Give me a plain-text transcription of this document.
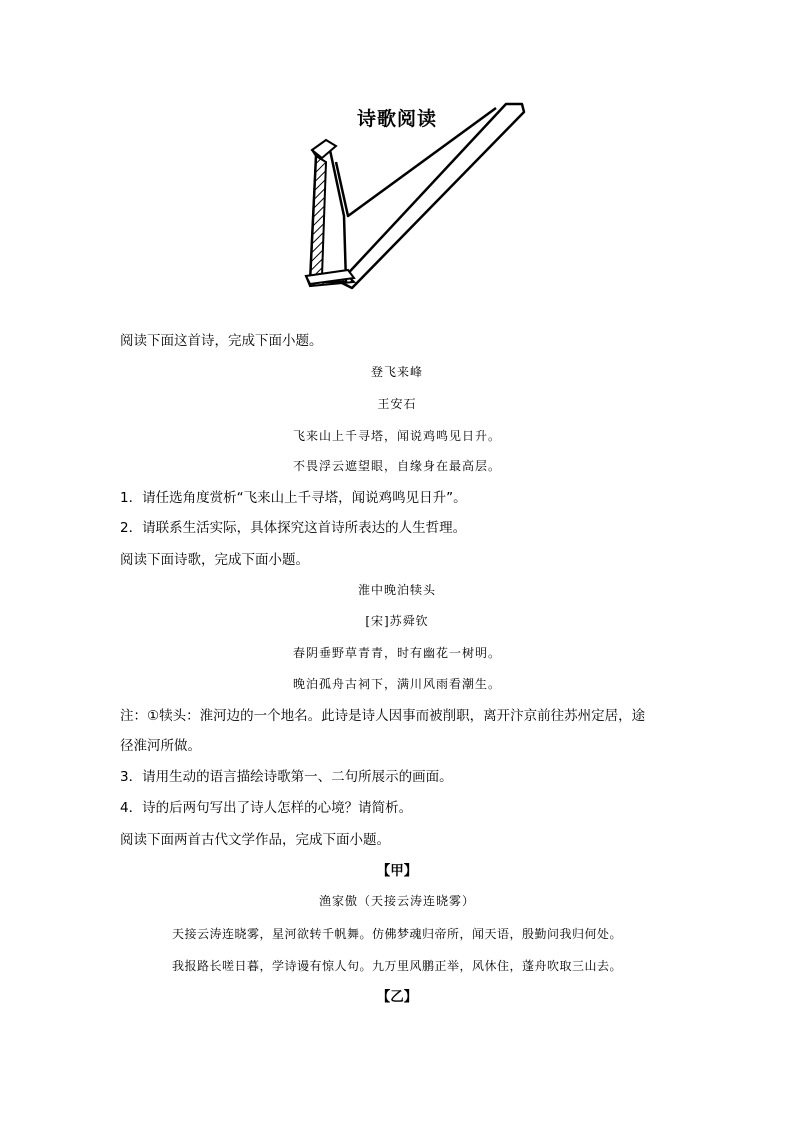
诗歌阅读
阅读下面这首诗，完成下面小题。
登飞来峰
王安石
飞来山上千寻塔，闻说鸡鸣见日升。
不畏浮云遮望眼，自缘身在最高层。
1．请任选角度赏析“飞来山上千寻塔，闻说鸡鸣见日升”。
2．请联系生活实际，具体探究这首诗所表达的人生哲理。
阅读下面诗歌，完成下面小题。
淮中晚泊犊头
[宋]苏舜钦
春阴垂野草青青，时有幽花一树明。
晚泊孤舟古祠下，满川风雨看潮生。
注：①犊头：淮河边的一个地名。此诗是诗人因事而被削职，离开汴京前往苏州定居，途
径淮河所做。
3．请用生动的语言描绘诗歌第一、二句所展示的画面。
4．诗的后两句写出了诗人怎样的心境？请简析。
阅读下面两首古代文学作品，完成下面小题。
【甲】
渔家傲（天接云涛连晓雾）
天接云涛连晓雾，星河欲转千帆舞。仿佛梦魂归帝所，闻天语，殷勤问我归何处。
我报路长嗟日暮，学诗谩有惊人句。九万里风鹏正举，风休住，蓬舟吹取三山去。
【乙】
